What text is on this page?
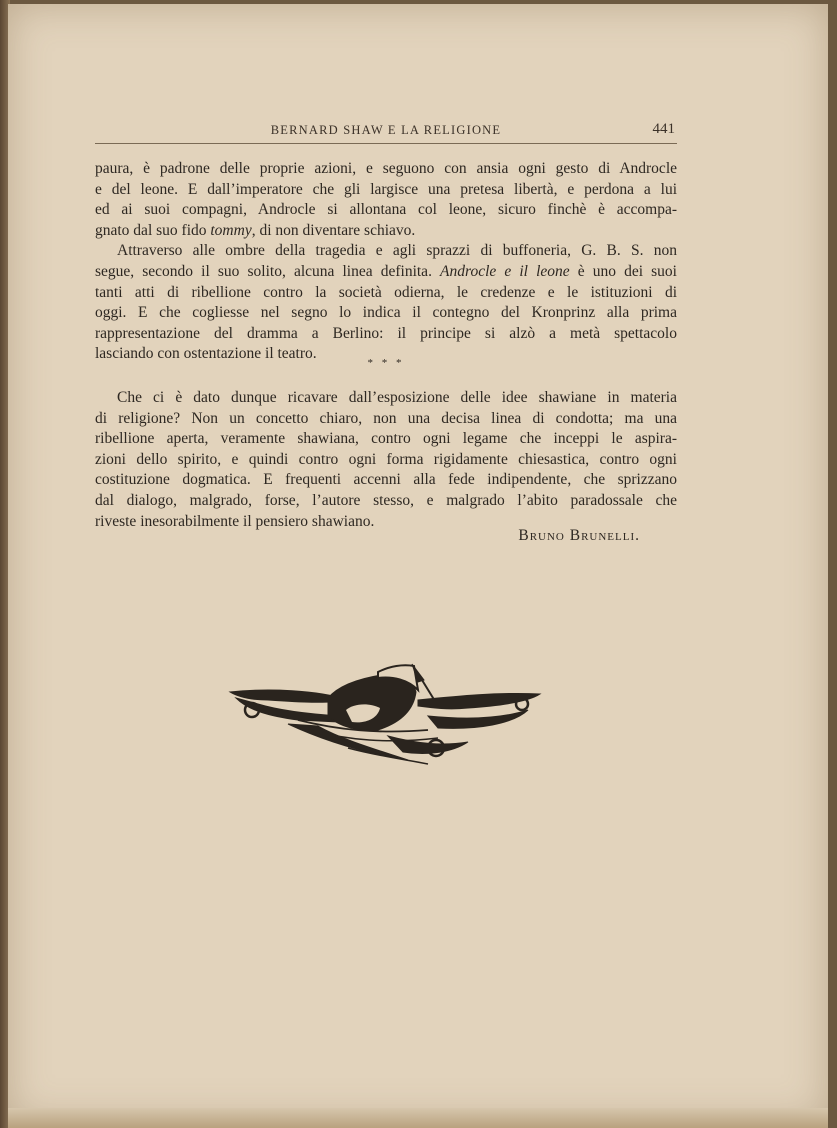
BERNARD SHAW E LA RELIGIONE	441
paura, è padrone delle proprie azioni, e seguono con ansia ogni gesto di Androcle
e del leone. E dall’imperatore che gli largisce una pretesa libertà, e perdona a lui
ed ai suoi compagni, Androcle si allontana col leone, sicuro finchè è accompa-
gnato dal suo fido tommy, di non diventare schiavo.
Attraverso alle ombre della tragedia e agli sprazzi di buffoneria, G. B. S. non
segue, secondo il suo solito, alcuna linea definita. Androcle e il leone è uno dei suoi
tanti atti di ribellione contro la società odierna, le credenze e le istituzioni di
oggi. E che cogliesse nel segno lo indica il contegno del Kronprinz alla prima
rappresentazione del dramma a Berlino: il principe si alzò a metà spettacolo
lasciando con ostentazione il teatro.
* * *
Che ci è dato dunque ricavare dall’esposizione delle idee shawiane in materia
di religione? Non un concetto chiaro, non una decisa linea di condotta; ma una
ribellione aperta, veramente shawiana, contro ogni legame che inceppi le aspira-
zioni dello spirito, e quindi contro ogni forma rigidamente chiesastica, contro ogni
costituzione dogmatica. E frequenti accenni alla fede indipendente, che sprizzano
dal dialogo, malgrado, forse, l’autore stesso, e malgrado l’abito paradossale che
riveste inesorabilmente il pensiero shawiano.
Bruno Brunelli.
